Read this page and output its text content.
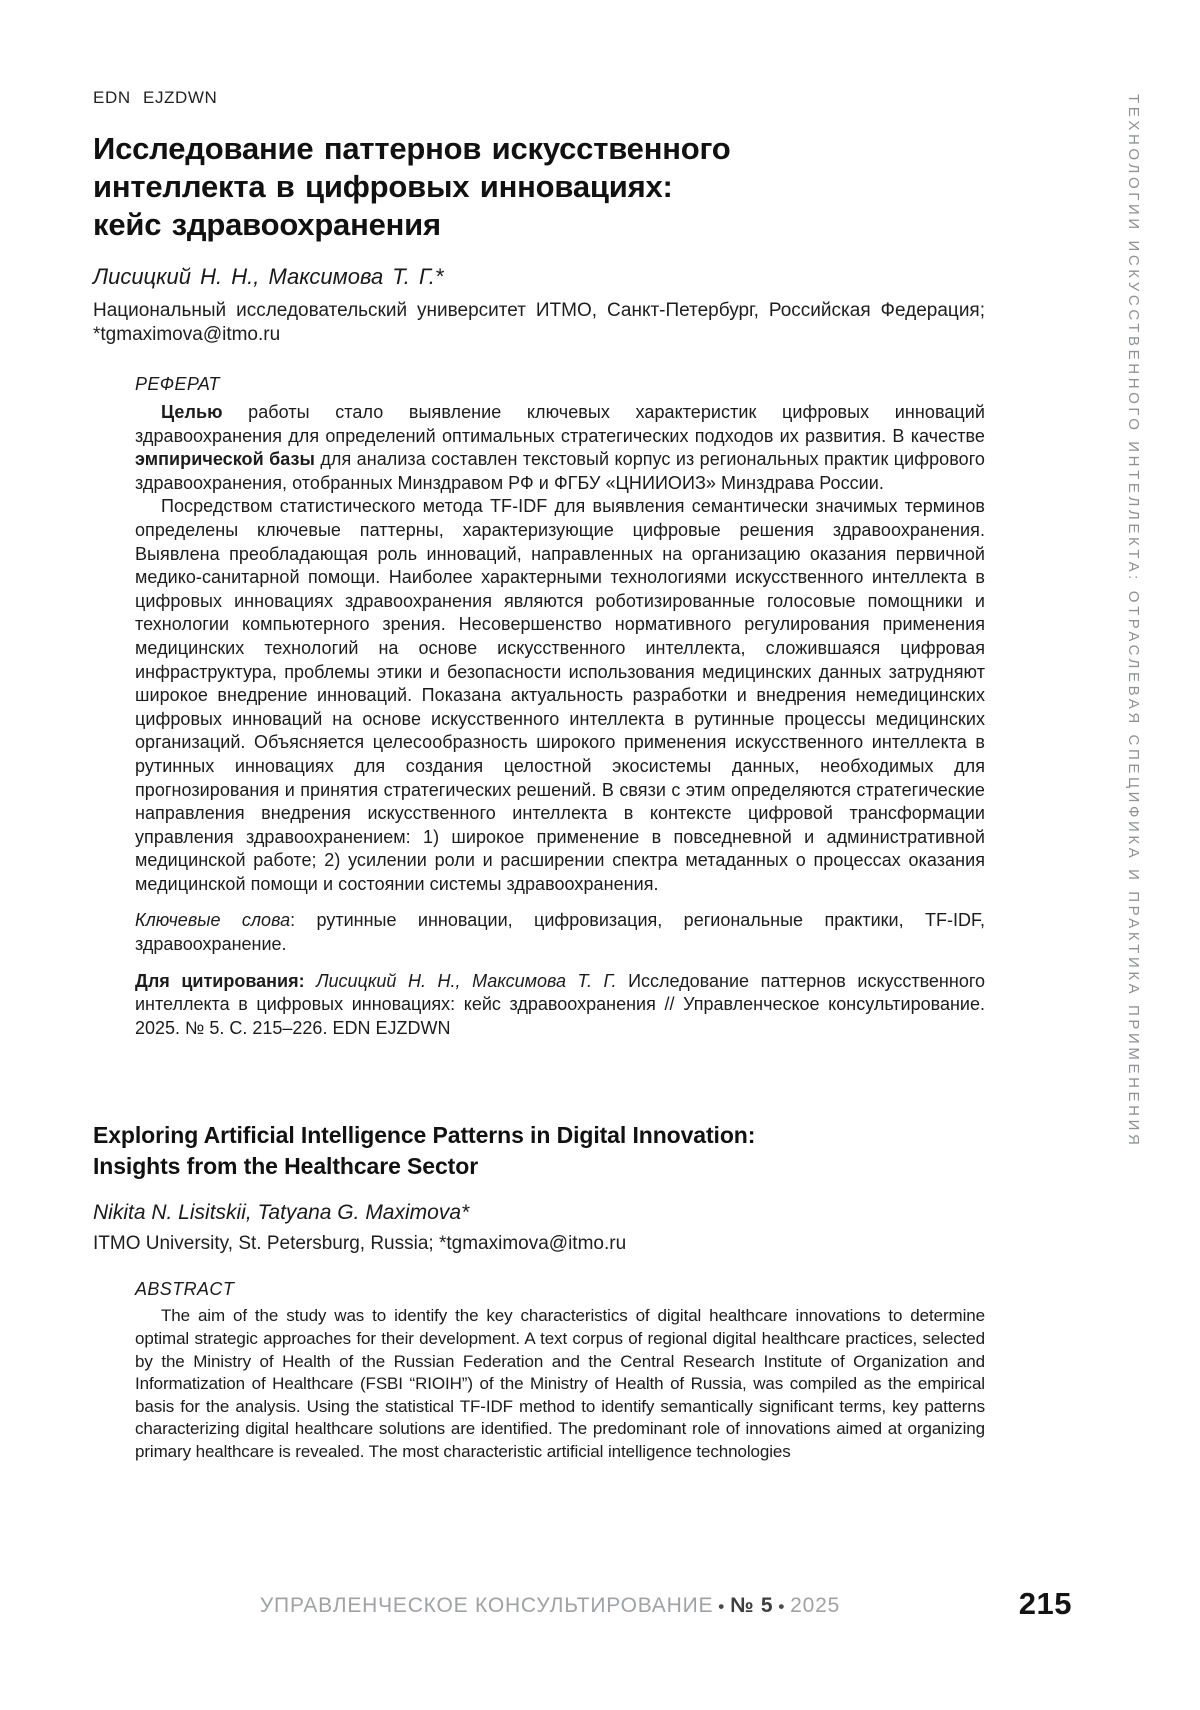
EDN EJZDWN
Исследование паттернов искусственного
интеллекта в цифровых инновациях:
кейс здравоохранения
Лисицкий Н. Н., Максимова Т. Г.*
Национальный исследовательский университет ИТМО, Санкт-Петербург, Российская Федерация; *tgmaximova@itmo.ru
РЕФЕРАТ

Целью работы стало выявление ключевых характеристик цифровых инноваций здравоохранения для определений оптимальных стратегических подходов их развития. В качестве эмпирической базы для анализа составлен текстовый корпус из региональных практик цифрового здравоохранения, отобранных Минздравом РФ и ФГБУ «ЦНИИОИЗ» Минздрава России.

Посредством статистического метода TF-IDF для выявления семантически значимых терминов определены ключевые паттерны, характеризующие цифровые решения здравоохранения. Выявлена преобладающая роль инноваций, направленных на организацию оказания первичной медико-санитарной помощи. Наиболее характерными технологиями искусственного интеллекта в цифровых инновациях здравоохранения являются роботизированные голосовые помощники и технологии компьютерного зрения. Несовершенство нормативного регулирования применения медицинских технологий на основе искусственного интеллекта, сложившаяся цифровая инфраструктура, проблемы этики и безопасности использования медицинских данных затрудняют широкое внедрение инноваций. Показана актуальность разработки и внедрения немедицинских цифровых инноваций на основе искусственного интеллекта в рутинные процессы медицинских организаций. Объясняется целесообразность широкого применения искусственного интеллекта в рутинных инновациях для создания целостной экосистемы данных, необходимых для прогнозирования и принятия стратегических решений. В связи с этим определяются стратегические направления внедрения искусственного интеллекта в контексте цифровой трансформации управления здравоохранением: 1) широкое применение в повседневной и административной медицинской работе; 2) усилении роли и расширении спектра метаданных о процессах оказания медицинской помощи и состоянии системы здравоохранения.

Ключевые слова: рутинные инновации, цифровизация, региональные практики, TF-IDF, здравоохранение.

Для цитирования: Лисицкий Н. Н., Максимова Т. Г. Исследование паттернов искусственного интеллекта в цифровых инновациях: кейс здравоохранения // Управленческое консультирование. 2025. № 5. С. 215–226. EDN EJZDWN

Exploring Artificial Intelligence Patterns in Digital Innovation:
Insights from the Healthcare Sector
Nikita N. Lisitskii, Tatyana G. Maximova*
ITMO University, St. Petersburg, Russia; *tgmaximova@itmo.ru
ABSTRACT

The aim of the study was to identify the key characteristics of digital healthcare innovations to determine optimal strategic approaches for their development. A text corpus of regional digital healthcare practices, selected by the Ministry of Health of the Russian Federation and the Central Research Institute of Organization and Informatization of Healthcare (FSBI “RIOIH”) of the Ministry of Health of Russia, was compiled as the empirical basis for the analysis. Using the statistical TF-IDF method to identify semantically significant terms, key patterns characterizing digital healthcare solutions are identified. The predominant role of innovations aimed at organizing primary healthcare is revealed. The most characteristic artificial intelligence technologies

ТЕХНОЛОГИИ ИСКУССТВЕННОГО ИНТЕЛЛЕКТА: ОТРАСЛЕВАЯ СПЕЦИФИКА И ПРАКТИКА ПРИМЕНЕНИЯ
УПРАВЛЕНЧЕСКОЕ КОНСУЛЬТИРОВАНИЕ • № 5 • 2025	215
